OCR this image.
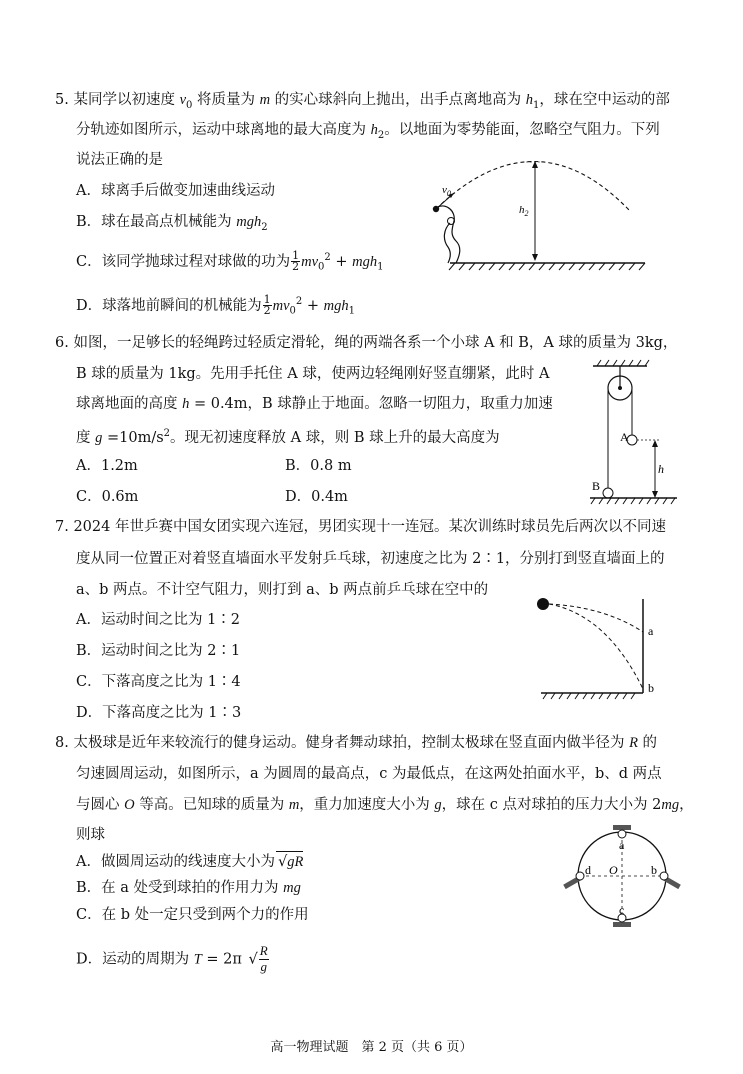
5. 某同学以初速度 $v_0$ 将质量为 m 的实心球斜向上抛出，出手点离地高为 $h_1$，球在空中运动的部
分轨迹如图所示，运动中球离地的最大高度为 $h_2$。以地面为零势能面，忽略空气阻力。下列
说法正确的是
A．球离手后做变加速曲线运动
B．球在最高点机械能为 mgh$_2$
C．该同学抛球过程对球做的功为 $\frac{1}{2} mv_0^2 + mgh_1$
D．球落地前瞬间的机械能为 $\frac{1}{2} mv_0^2 + mgh_1$
$v_0$
$h_2$
6. 如图，一足够长的轻绳跨过轻质定滑轮，绳的两端各系一个小球 A 和 B，A 球的质量为 3kg，
B 球的质量为 1kg。先用手托住 A 球，使两边轻绳刚好竖直绷紧，此时 A
球离地面的高度 h = 0.4m，B 球静止于地面。忽略一切阻力，取重力加速
度 $g =10m/s^2$。现无初速度释放 A 球，则 B 球上升的最大高度为
A．1.2m	B．0.8 m
C．0.6m	D．0.4m
A
B
h
7. 2024 年世乒赛中国女团实现六连冠，男团实现十一连冠。某次训练时球员先后两次以不同速
度从同一位置正对着竖直墙面水平发射乒乓球，初速度之比为 2∶1，分别打到竖直墙面上的
a、b 两点。不计空气阻力，则打到 a、b 两点前乒乓球在空中的
A．运动时间之比为 1∶2
B．运动时间之比为 2∶1
C．下落高度之比为 1∶4
D．下落高度之比为 1∶3
a
b
8. 太极球是近年来较流行的健身运动。健身者舞动球拍，控制太极球在竖直面内做半径为 R 的
匀速圆周运动，如图所示，a 为圆周的最高点，c 为最低点，在这两处拍面水平，b、d 两点
与圆心 O 等高。已知球的质量为 m，重力加速度大小为 g，球在 c 点对球拍的压力大小为 2mg，
则球
A．做圆周运动的线速度大小为 √gR
B．在 a 处受到球拍的作用力为 mg
C．在 b 处一定只受到两个力的作用
D．运动的周期为 T = 2π √ $\frac{R}{g}$
a
b
c
d O
高一物理试题　第 2 页（共 6 页）
